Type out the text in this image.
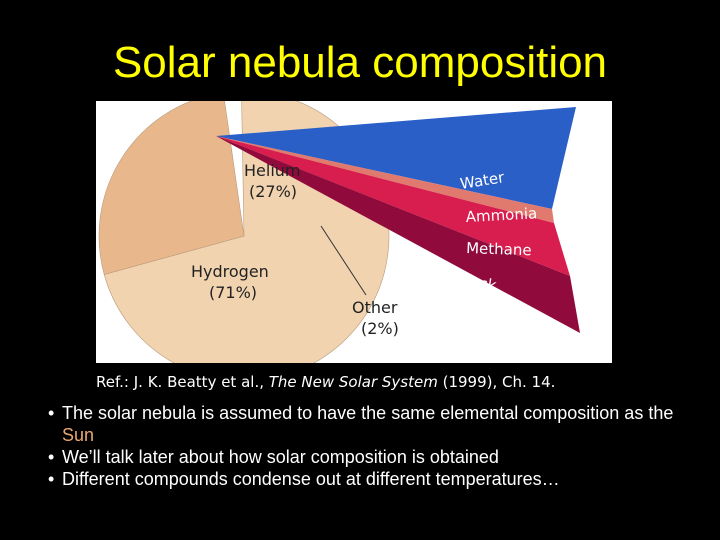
Solar nebula composition
Water
Ammonia
Methane
Rock
Hydrogen
(71%)
Helium
(27%)
Other
(2%)
Ref.: J. K. Beatty et al., The New Solar System (1999), Ch. 14.
• The solar nebula is assumed to have the same elemental composition as the Sun
• We’ll talk later about how solar composition is obtained
• Different compounds condense out at different temperatures…
